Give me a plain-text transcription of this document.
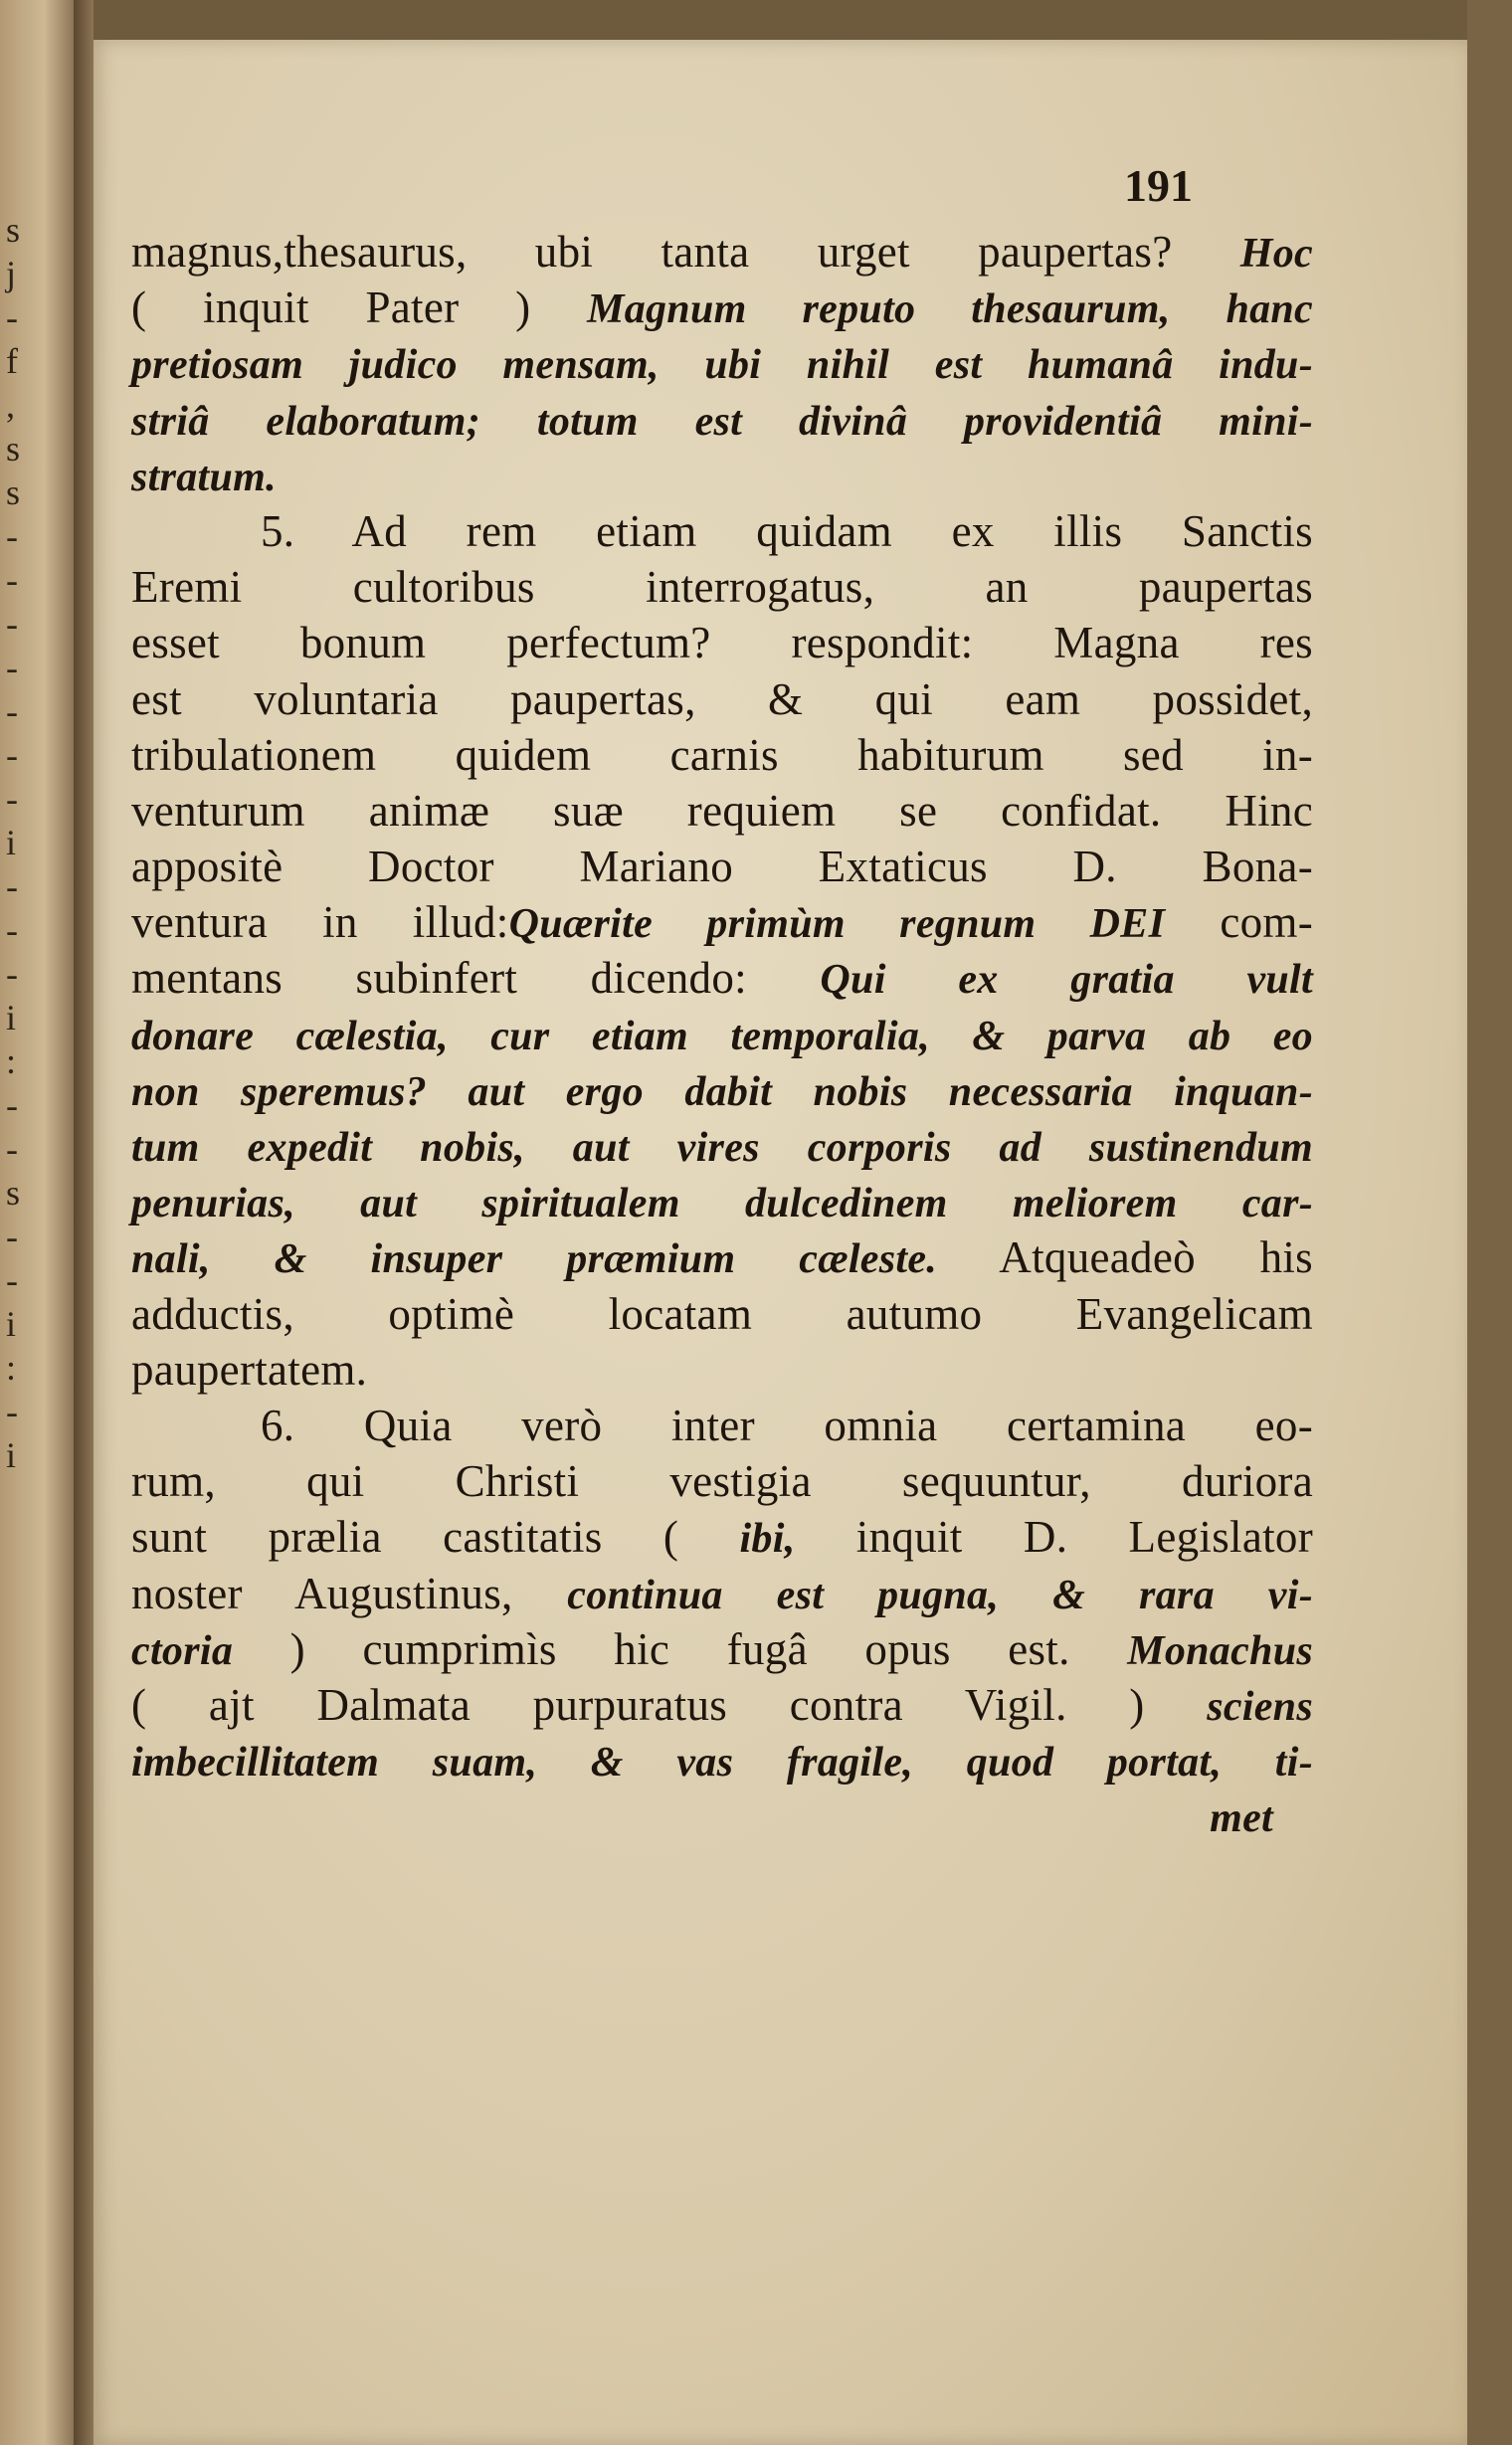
s
j
-
f
,
s
s
-
-
-
-
-
-
-
i
-
-
-
i
:
-
-
s
-
-
i
:
-
i
191
magnus,thesaurus, ubi tanta urget paupertas? Hoc
( inquit Pater ) Magnum reputo thesaurum, hanc
pretiosam judico mensam, ubi nihil est humanâ indu-
striâ elaboratum; totum est divinâ providentiâ mini-
stratum.
5. Ad rem etiam quidam ex illis Sanctis
Eremi cultoribus interrogatus, an paupertas
esset bonum perfectum? respondit: Magna res
est voluntaria paupertas, & qui eam possidet,
tribulationem quidem carnis habiturum sed in-
venturum animæ suæ requiem se confidat. Hinc
appositè Doctor Mariano Extaticus D. Bona-
ventura in illud:Quærite primùm regnum DEI com-
mentans subinfert dicendo: Qui ex gratia vult
donare cælestia, cur etiam temporalia, & parva ab eo
non speremus? aut ergo dabit nobis necessaria inquan-
tum expedit nobis, aut vires corporis ad sustinendum
penurias, aut spiritualem dulcedinem meliorem car-
nali, & insuper præmium cæleste. Atqueadeò his
adductis, optimè locatam autumo Evangelicam
paupertatem.
6. Quia verò inter omnia certamina eo-
rum, qui Christi vestigia sequuntur, duriora
sunt prælia castitatis ( ibi, inquit D. Legislator
noster Augustinus, continua est pugna, & rara vi-
ctoria ) cumprimìs hic fugâ opus est. Monachus
( ajt Dalmata purpuratus contra Vigil. ) sciens
imbecillitatem suam, & vas fragile, quod portat, ti-
met
